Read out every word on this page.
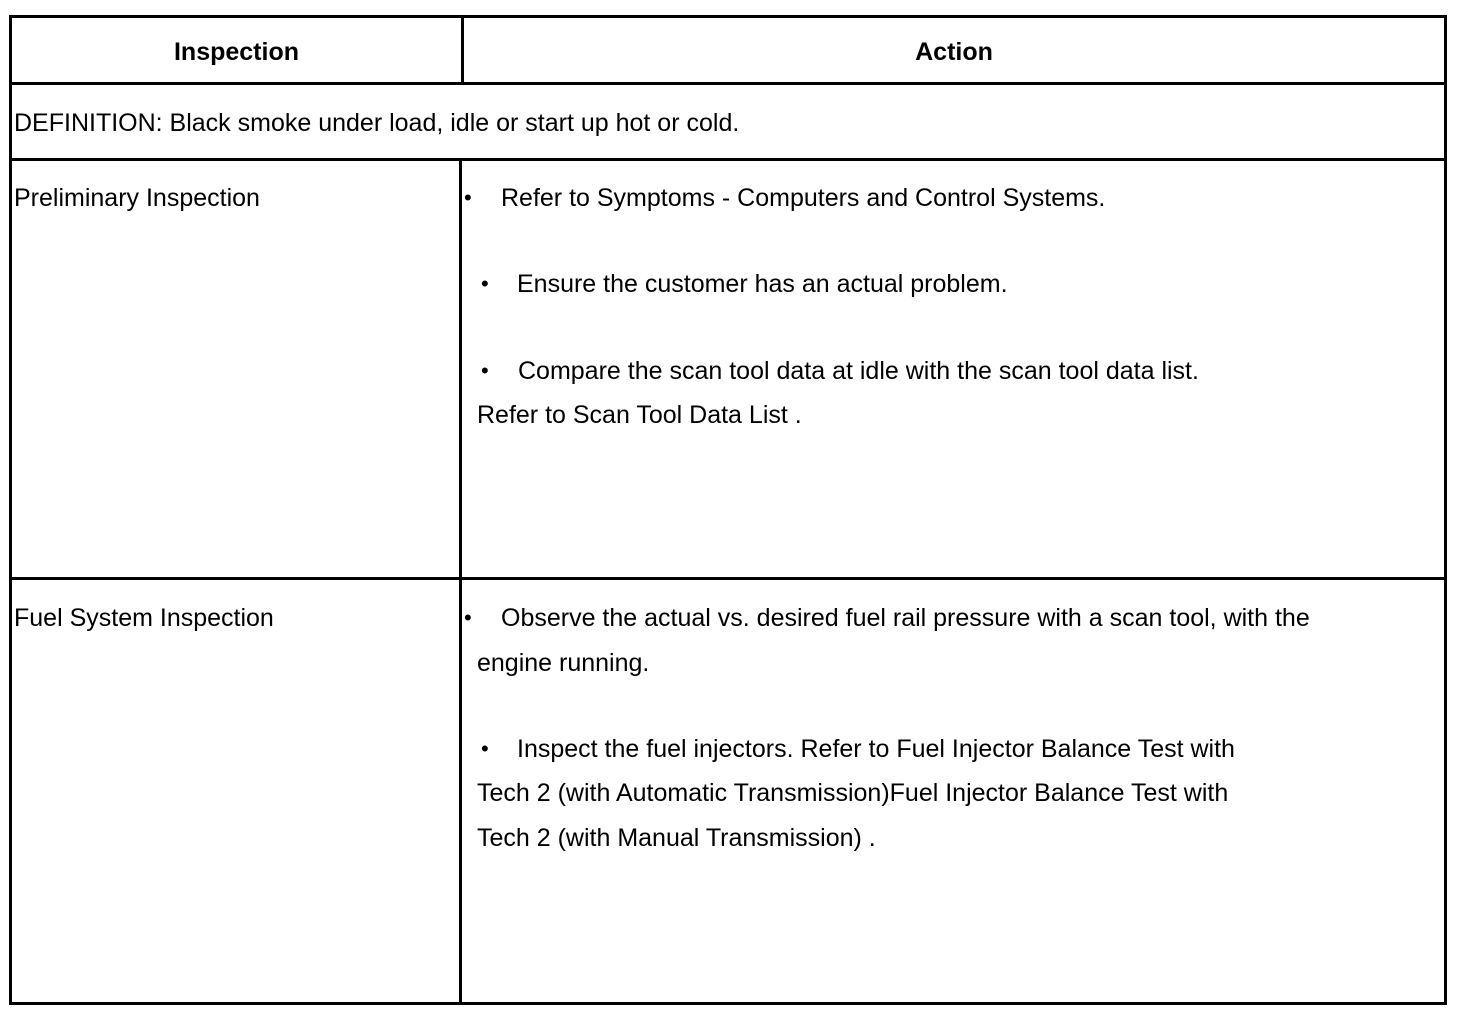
Inspection	Action
DEFINITION: Black smoke under load, idle or start up hot or cold.
Preliminary Inspection	• Refer to Symptoms - Computers and Control Systems.
• Ensure the customer has an actual problem.
• Compare the scan tool data at idle with the scan tool data list.
Refer to Scan Tool Data List .
Fuel System Inspection	• Observe the actual vs. desired fuel rail pressure with a scan tool, with the
engine running.
• Inspect the fuel injectors. Refer to Fuel Injector Balance Test with
Tech 2 (with Automatic Transmission)Fuel Injector Balance Test with
Tech 2 (with Manual Transmission) .
